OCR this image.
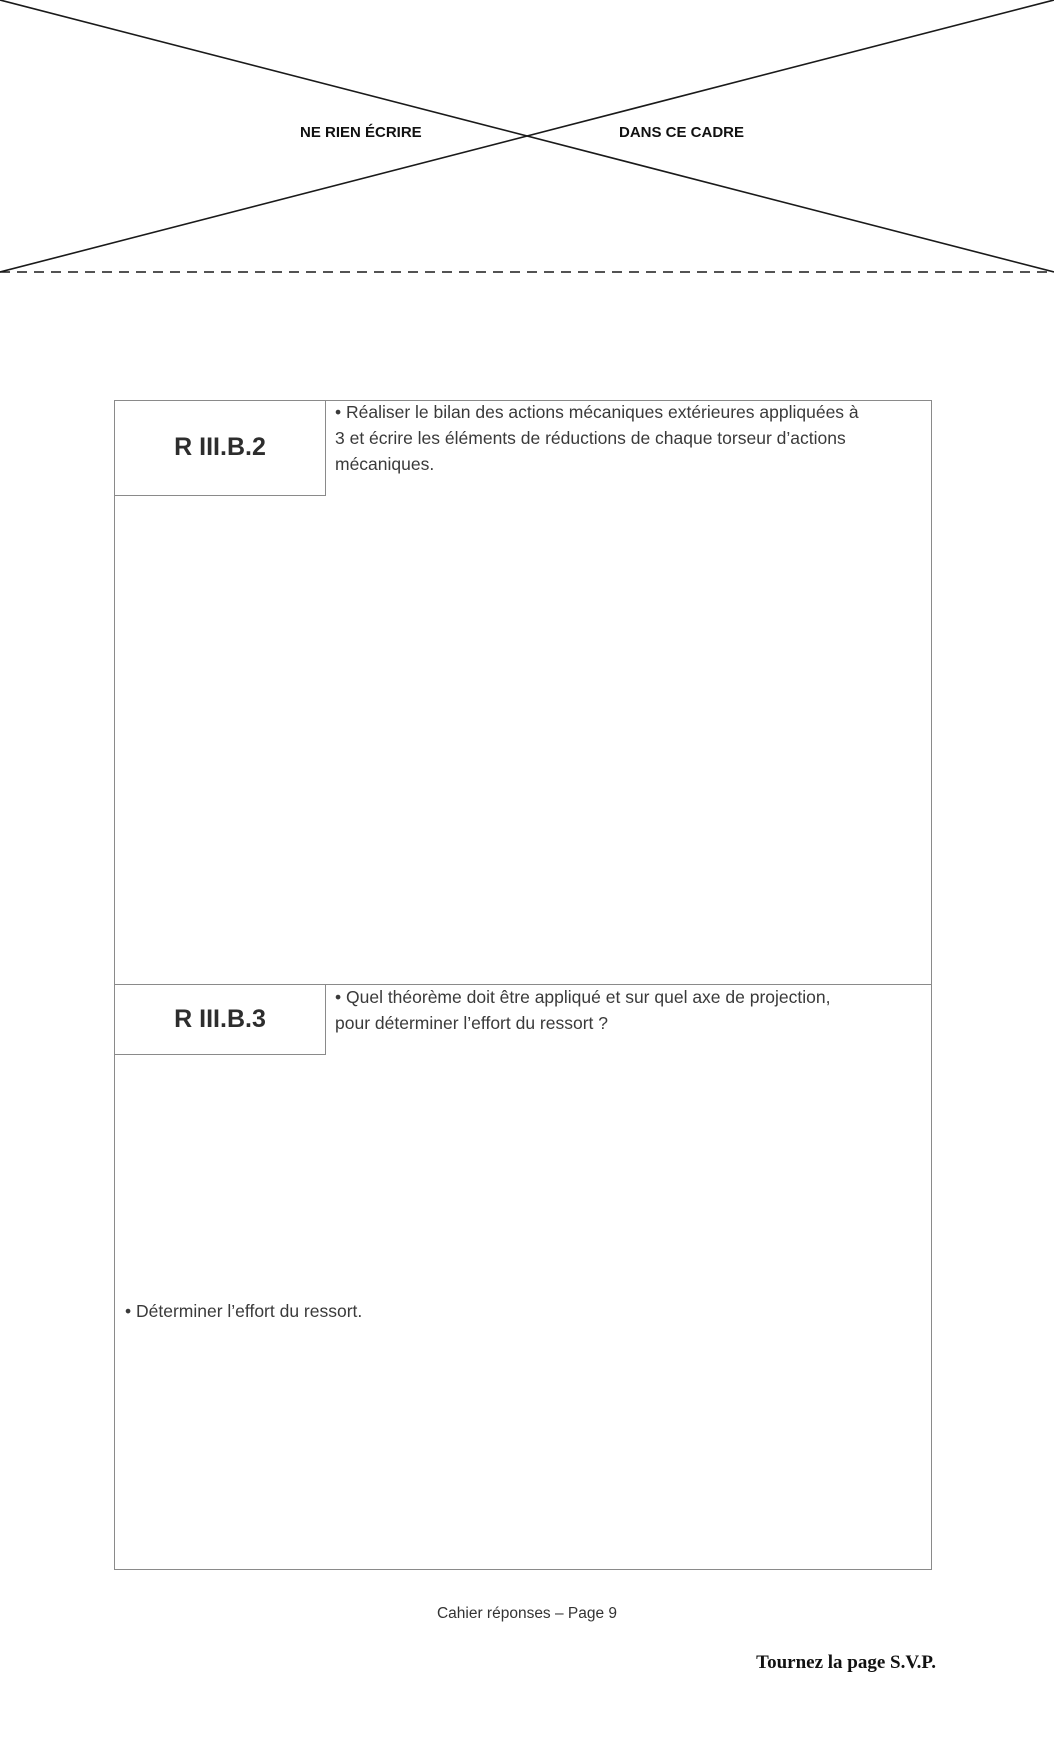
NE RIEN ÉCRIRE	DANS CE CADRE
R III.B.2
• Réaliser le bilan des actions mécaniques extérieures appliquées à
3 et écrire les éléments de réductions de chaque torseur d’actions
mécaniques.
R III.B.3
• Quel théorème doit être appliqué et sur quel axe de projection,
pour déterminer l’effort du ressort ?
• Déterminer l’effort du ressort.
Cahier réponses – Page 9
Tournez la page S.V.P.
